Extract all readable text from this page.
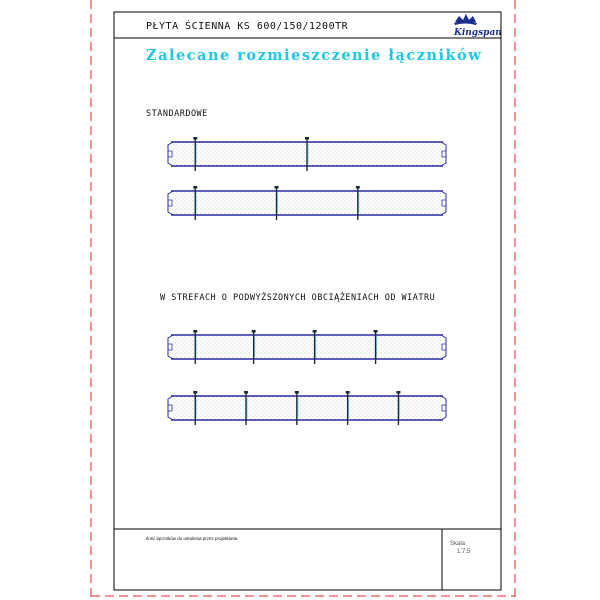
PŁYTA ŚCIENNA KS 600/150/1200TR
Kingspan
Zalecane rozmieszczenie łączników
STANDARDOWE
W STREFACH O PODWYŻSZONYCH OBCIĄŻENIACH OD WIATRU
Ilość łączników do ustalenia przez projektanta
Skala
1:7.5
